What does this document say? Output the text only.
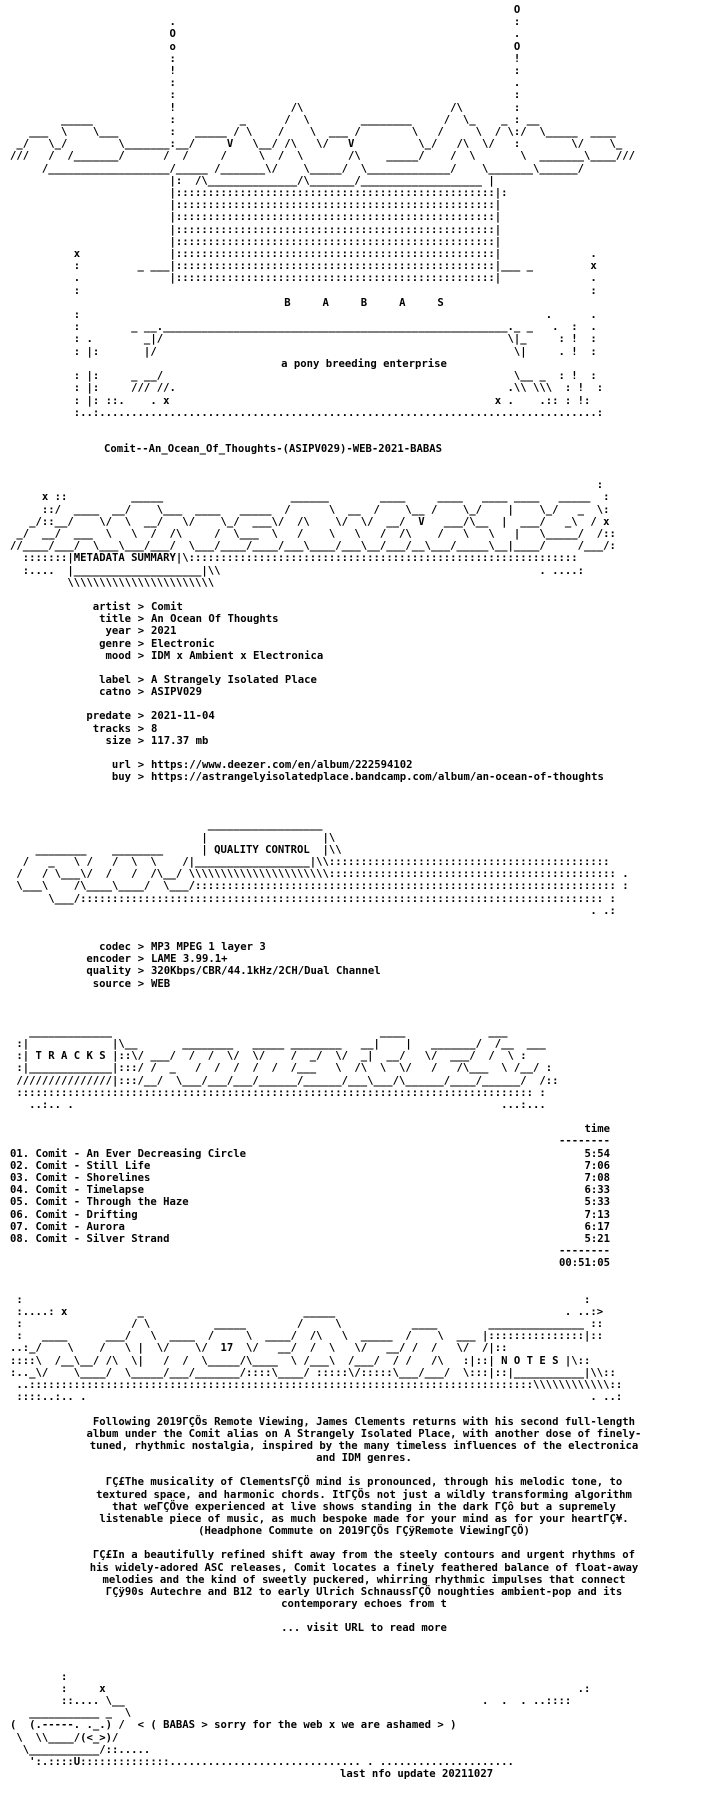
O
.                                                     :
O                                                     .
o                                                     O
:                                                     !
!                                                     :
:                                                     .
:                                                     :
!                  /\                       /\        :
_____            :          _      /  \        ________     /  \_    _ : __
___  \    \___        :   _____ / \    /    \  ___ /        \   /     \  / \:/  \_____  ____
_/   \_/        \_______:__/     V   \__/ /\   \/   V          \_/   /\  \/   :        \/    \_
///   /  /_______/      /  /     /     \  /  \       /\    _____/    /  \       \  _______\____///
/___________________/_____ /_______\/    \_____/  \_____________/    \_______\______/
|:  /\______________/\_______/___________________ |
|::::::::::::::::::::::::::::::::::::::::::::::::::|:
|::::::::::::::::::::::::::::::::::::::::::::::::::|
|::::::::::::::::::::::::::::::::::::::::::::::::::|
|::::::::::::::::::::::::::::::::::::::::::::::::::|
|::::::::::::::::::::::::::::::::::::::::::::::::::|
x              |::::::::::::::::::::::::::::::::::::::::::::::::::|              .
:         _ ___|::::::::::::::::::::::::::::::::::::::::::::::::::|___ _         x
.              |::::::::::::::::::::::::::::::::::::::::::::::::::|              .
:                                                                                :
B     A     B     A     S
:                                                                         .      .
:        _ __.______________________________________________________._ _   .  :  .
: .        _|/                                                      \|_     : !  :
: |:       |/                                                        \|     . !  :
a pony breeding enterprise
: |:     _ __/                                                       \__ _  : !  :
: |:     /// //.                                                    .\\ \\\  : !  :
: |: ::.    . x                                                   x .    .:: : !:
:..:..............................................................................:
Comit--An_Ocean_Of_Thoughts-(ASIPV029)-WEB-2021-BABAS
:
x ::          _____                    ______        ____     ____   ____ ____   _____  :
::/  ____  __/    \___  ____   _____  /      \  __  /    \__ /    \_/    |    \_/   _  \:
_/::__/    \/  \  __/   \/    \_/  ___\/  /\    \/  \/  __/  V   ___/\__  |  ___/   _\  / x
_/  __/  ___  \   \  /  /\     /  \___  \   /    \   \   /  /\    /   \   \   |   \_____/  /::
//____/___/  \___\___/___/  \___/____/____/___\____/___\__/___/__\___/_____\__|____/     /___/:
:::::::|METADATA SUMMARY|\:::::::::::::::::::::::::::::::::::::::::::::::::::::::::::::
:....  |____________________|\\                                                  . ....:
\\\\\\\\\\\\\\\\\\\\\\\
artist > Comit
title > An Ocean Of Thoughts
year > 2021
genre > Electronic
mood > IDM x Ambient x Electronica
label > A Strangely Isolated Place
catno > ASIPV029
predate > 2021-11-04
tracks > 8
size > 117.37 mb
url > https://www.deezer.com/en/album/222594102
buy > https://astrangelyisolatedplace.bandcamp.com/album/an-ocean-of-thoughts
__________________
|                  |\
________    ________      | QUALITY CONTROL  |\\
/   _   \ /   /  \  \    /|__________________|\\::::::::::::::::::::::::::::::::::::::::::::
/   / \___\/  /   /  /\__/ \\\\\\\\\\\\\\\\\\\\\\::::::::::::::::::::::::::::::::::::::::::::: .
\___\    /\____\____/  \___/:::::::::::::::::::::::::::::::::::::::::::::::::::::::::::::::::: :
\___/:::::::::::::::::::::::::::::::::::::::::::::::::::::::::::::::::::::::::::::::::: :
. .:
codec > MP3 MPEG 1 layer 3
encoder > LAME 3.99.1+
quality > 320Kbps/CBR/44.1kHz/2CH/Dual Channel
source > WEB
_____________                                          ____             ___
:|             |\__       ________   _____ ________   __|    |   _______/  /__  ___
:| T R A C K S |::\/ ___/  /  /  \/  \/    /  _/  \/  _|  __/   \/  ___/  /  \ :
:|_____________|:::/ /  _   /  /  /  /  /  /___   \  /\  \  \/   /   /\___  \ /__/ :
///////////////|:::/__/  \___/___/___/______/______/___\___/\______/____/______/  /::
::::::::::::::::::::::::::::::::::::::::::::::::::::::::::::::::::::::::::::::::: :
..:.. .                                                                   ...:...
time
--------
01. Comit - An Ever Decreasing Circle	5:54
02. Comit - Still Life	7:06
03. Comit - Shorelines	7:08
04. Comit - Timelapse	6:33
05. Comit - Through the Haze	5:33
06. Comit - Drifting	7:13
07. Comit - Aurora	6:17
08. Comit - Silver Strand	5:21
--------
00:51:05
:                                                                                        :
:....: x           _                         _____                                    . ..:>
:                 / \          _____        /     \           ____        _______________ ::
:   ____      ___/   \  ____  /     \  ____/  /\   \  _____  /    \  ___ |:::::::::::::::|::
..:_/    \    /   \ |  \/    \/  17  \/   __/  /  \   \/   __/ /  /   \/  /|::
::::\  /__\__/ /\  \|   /  /  \_____/\____  \ /___\  /___/  / /   /\   :|::| N O T E S |\::
:.._\/    \____/  \_____/___/_______/::::\____/ :::::\/:::::\___/___/  \:::|::|___________|\\::
..:::::::::::::::::::::::::::::::::::::::::::::::::::::::::::::::::::::::::::::::\\\\\\\\\\\\::
::::..:.. .                                                                               . ..:

Following 2019ΓÇÖs Remote Viewing, James Clements returns with his second full-length album under the Comit alias on A Strangely Isolated Place, with another dose of finely-tuned, rhythmic nostalgia, inspired by the many timeless influences of the electronica and IDM genres.

ΓÇ£The musicality of ClementsΓÇÖ mind is pronounced, through his melodic tone, to textured space, and harmonic chords. ItΓÇÖs not just a wildly transforming algorithm that weΓÇÖve experienced at live shows standing in the dark ΓÇô but a supremely listenable piece of music, as much bespoke made for your mind as for your heartΓÇ¥. (Headphone Commute on 2019ΓÇÖs ΓÇÿRemote ViewingΓÇÖ)

ΓÇ£In a beautifully refined shift away from the steely contours and urgent rhythms of his widely-adored ASC releases, Comit locates a finely feathered balance of float-away melodies and the kind of sweetly puckered, whirring rhythmic impulses that connect ΓÇÿ90s Autechre and B12 to early Ulrich SchnaussΓÇÖ noughties ambient-pop and its contemporary echoes from t

... visit URL to read more
:
:     x                                                                          .:
::.... \__                                                        .  .  . ..::::
___________ _  \
(  (.-----. ._.) /  < ( BABAS > sorry for the web x we are ashamed > )
\  \\____/(<_>)/
\___________/::.....
':.::::U::::::::::::::.............................. . .....................
last nfo update 20211027
